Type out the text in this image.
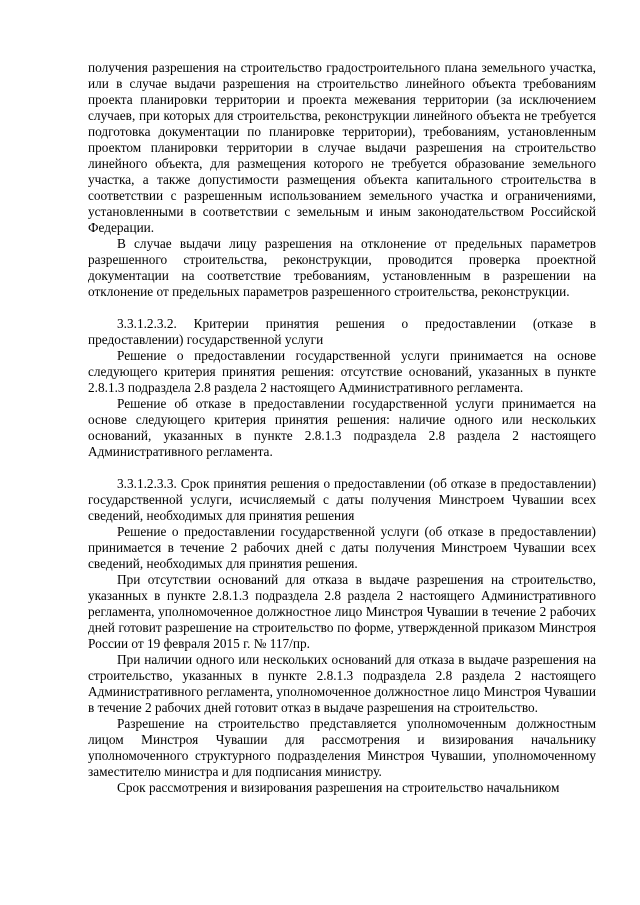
получения разрешения на строительство градостроительного плана земельного участка, или в случае выдачи разрешения на строительство линейного объекта требованиям проекта планировки территории и проекта межевания территории (за исключением случаев, при которых для строительства, реконструкции линейного объекта не требуется подготовка документации по планировке территории), требованиям, установленным проектом планировки территории в случае выдачи разрешения на строительство линейного объекта, для размещения которого не требуется образование земельного участка, а также допустимости размещения объекта капитального строительства в соответствии с разрешенным использованием земельного участка и ограничениями, установленными в соответствии с земельным и иным законодательством Российской Федерации.

В случае выдачи лицу разрешения на отклонение от предельных параметров разрешенного строительства, реконструкции, проводится проверка проектной документации на соответствие требованиям, установленным в разрешении на отклонение от предельных параметров разрешенного строительства, реконструкции.

3.3.1.2.3.2. Критерии принятия решения о предоставлении (отказе в предоставлении) государственной услуги

Решение о предоставлении государственной услуги принимается на основе следующего критерия принятия решения: отсутствие оснований, указанных в пункте 2.8.1.3 подраздела 2.8 раздела 2 настоящего Административного регламента.

Решение об отказе в предоставлении государственной услуги принимается на основе следующего критерия принятия решения: наличие одного или нескольких оснований, указанных в пункте 2.8.1.3 подраздела 2.8 раздела 2 настоящего Административного регламента.

3.3.1.2.3.3. Срок принятия решения о предоставлении (об отказе в предоставлении) государственной услуги, исчисляемый с даты получения Минстроем Чувашии всех сведений, необходимых для принятия решения

Решение о предоставлении государственной услуги (об отказе в предоставлении) принимается в течение 2 рабочих дней с даты получения Минстроем Чувашии всех сведений, необходимых для принятия решения.

При отсутствии оснований для отказа в выдаче разрешения на строительство, указанных в пункте 2.8.1.3 подраздела 2.8 раздела 2 настоящего Административного регламента, уполномоченное должностное лицо Минстроя Чувашии в течение 2 рабочих дней готовит разрешение на строительство по форме, утвержденной приказом Минстроя России от 19 февраля 2015 г. № 117/пр.

При наличии одного или нескольких оснований для отказа в выдаче разрешения на строительство, указанных в пункте 2.8.1.3 подраздела 2.8 раздела 2 настоящего Административного регламента, уполномоченное должностное лицо Минстроя Чувашии в течение 2 рабочих дней готовит отказ в выдаче разрешения на строительство.

Разрешение на строительство представляется уполномоченным должностным лицом Минстроя Чувашии для рассмотрения и визирования начальнику уполномоченного структурного подразделения Минстроя Чувашии, уполномоченному заместителю министра и для подписания министру.

Срок рассмотрения и визирования разрешения на строительство начальником
